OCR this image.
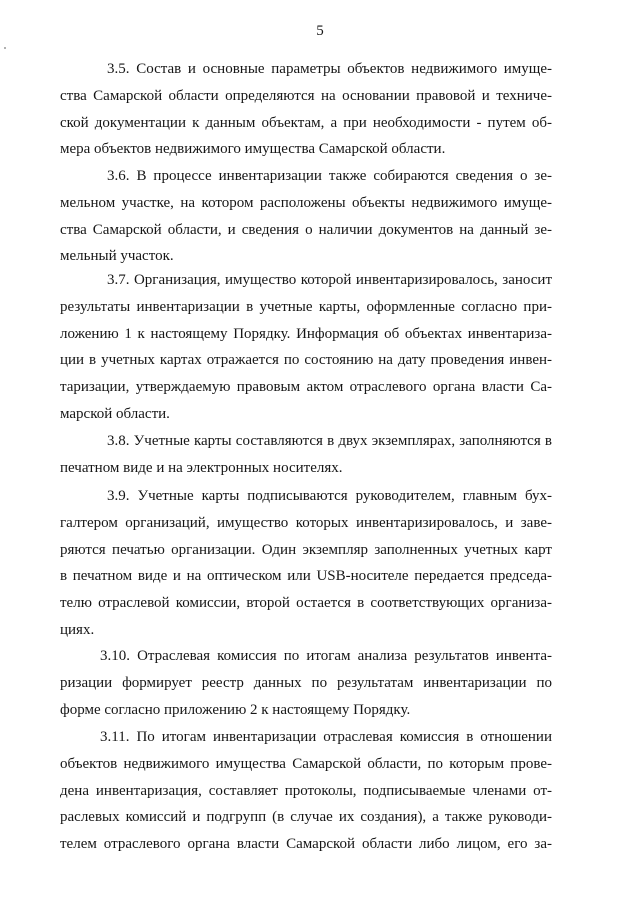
5
3.5. Состав и основные параметры объектов недвижимого имуще-
ства Самарской области определяются на основании правовой и техниче-
ской документации к данным объектам, а при необходимости - путем об-
мера объектов недвижимого имущества Самарской области.
3.6. В процессе инвентаризации также собираются сведения о зе-
мельном участке, на котором расположены объекты недвижимого имуще-
ства Самарской области, и сведения о наличии документов на данный зе-
мельный участок.
3.7. Организация, имущество которой инвентаризировалось, заносит
результаты инвентаризации в учетные карты, оформленные согласно при-
ложению 1 к настоящему Порядку. Информация об объектах инвентариза-
ции в учетных картах отражается по состоянию на дату проведения инвен-
таризации, утверждаемую правовым актом отраслевого органа власти Са-
марской области.
3.8. Учетные карты составляются в двух экземплярах, заполняются в
печатном виде и на электронных носителях.
3.9. Учетные карты подписываются руководителем, главным бух-
галтером организаций, имущество которых инвентаризировалось, и заве-
ряются печатью организации. Один экземпляр заполненных учетных карт
в печатном виде и на оптическом или USB-носителе передается председа-
телю отраслевой комиссии, второй остается в соответствующих организа-
циях.
3.10. Отраслевая комиссия по итогам анализа результатов инвента-
ризации формирует реестр данных по результатам инвентаризации по
форме согласно приложению 2 к настоящему Порядку.
3.11. По итогам инвентаризации отраслевая комиссия в отношении
объектов недвижимого имущества Самарской области, по которым прове-
дена инвентаризация, составляет протоколы, подписываемые членами от-
раслевых комиссий и подгрупп (в случае их создания), а также руководи-
телем отраслевого органа власти Самарской области либо лицом, его за-
